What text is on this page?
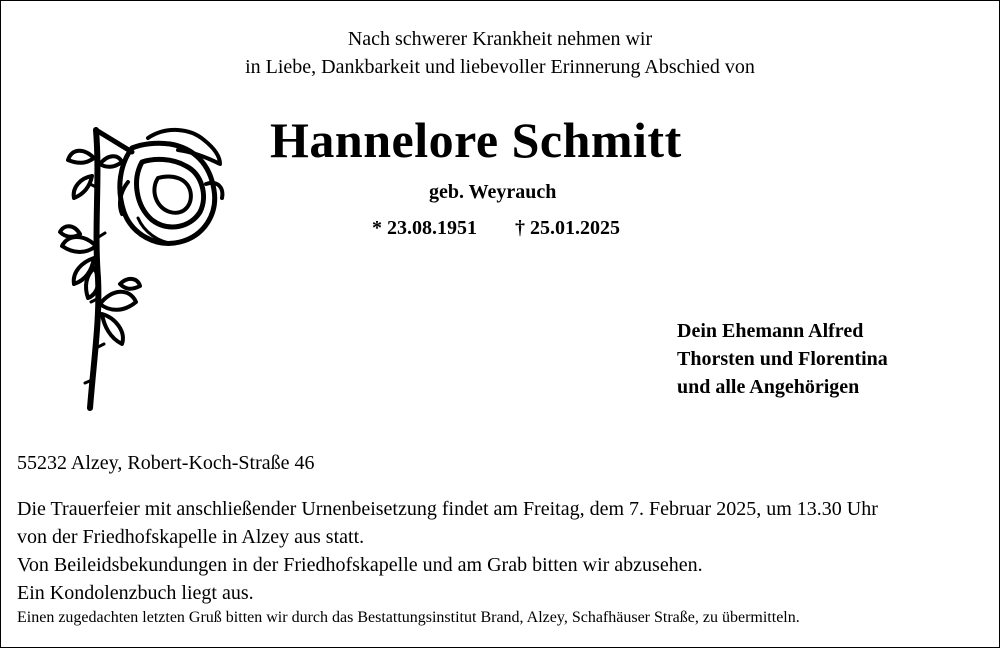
Nach schwerer Krankheit nehmen wir
in Liebe, Dankbarkeit und liebevoller Erinnerung Abschied von
Hannelore Schmitt
geb. Weyrauch
* 23.08.1951 † 25.01.2025
Dein Ehemann Alfred
Thorsten und Florentina
und alle Angehörigen
55232 Alzey, Robert-Koch-Straße 46
Die Trauerfeier mit anschließender Urnenbeisetzung findet am Freitag, dem 7. Februar 2025, um 13.30 Uhr
von der Friedhofskapelle in Alzey aus statt.
Von Beileidsbekundungen in der Friedhofskapelle und am Grab bitten wir abzusehen.
Ein Kondolenzbuch liegt aus.
Einen zugedachten letzten Gruß bitten wir durch das Bestattungsinstitut Brand, Alzey, Schafhäuser Straße, zu übermitteln.
